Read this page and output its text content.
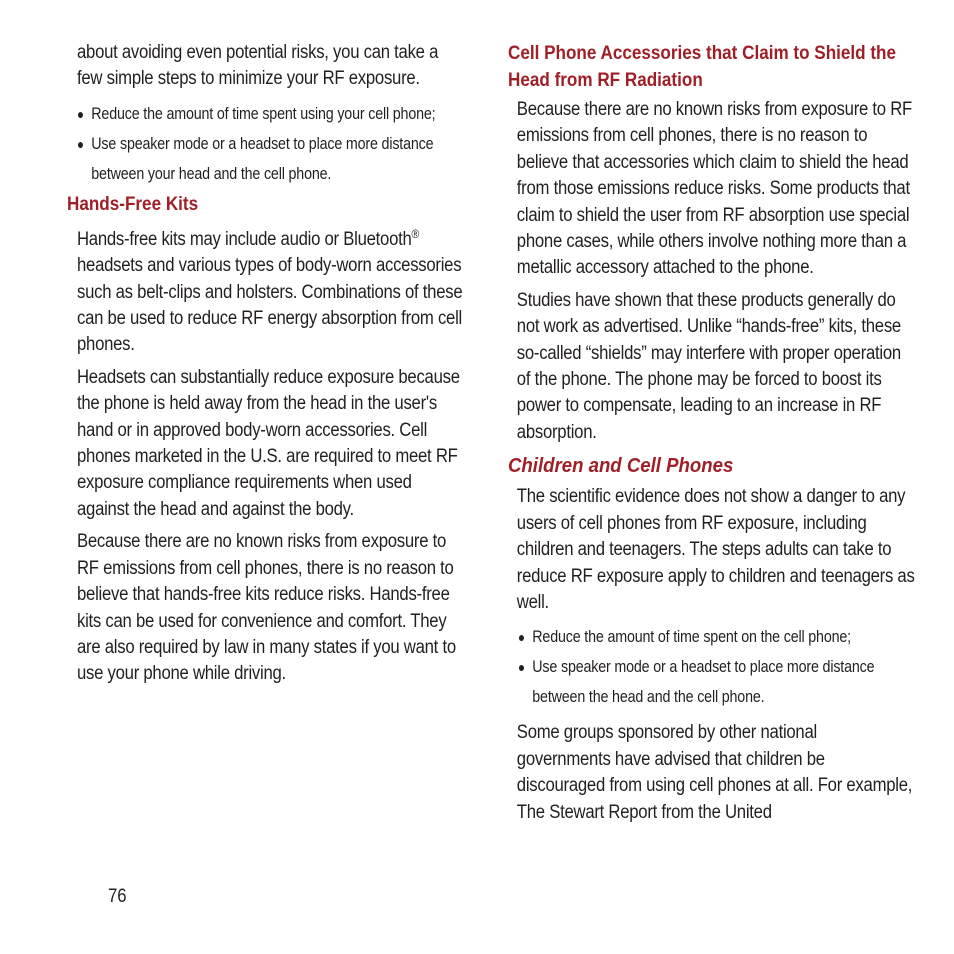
about avoiding even potential risks, you can take a few simple steps to minimize your RF exposure.

● Reduce the amount of time spent using your cell phone;
● Use speaker mode or a headset to place more distance between your head and the cell phone.
Hands-Free Kits

Hands-free kits may include audio or Bluetooth® headsets and various types of body-worn accessories such as belt-clips and holsters. Combinations of these can be used to reduce RF energy absorption from cell phones.

Headsets can substantially reduce exposure because the phone is held away from the head in the user's hand or in approved body-worn accessories. Cell phones marketed in the U.S. are required to meet RF exposure compliance requirements when used against the head and against the body.

Because there are no known risks from exposure to RF emissions from cell phones, there is no reason to believe that hands-free kits reduce risks. Hands-free kits can be used for convenience and comfort. They are also required by law in many states if you want to use your phone while driving.

Cell Phone Accessories that Claim to Shield the Head from RF Radiation

Because there are no known risks from exposure to RF emissions from cell phones, there is no reason to believe that accessories which claim to shield the head from those emissions reduce risks. Some products that claim to shield the user from RF absorption use special phone cases, while others involve nothing more than a metallic accessory attached to the phone.

Studies have shown that these products generally do not work as advertised. Unlike “hands-free” kits, these so-called “shields” may interfere with proper operation of the phone. The phone may be forced to boost its power to compensate, leading to an increase in RF absorption.

Children and Cell Phones

The scientific evidence does not show a danger to any users of cell phones from RF exposure, including children and teenagers. The steps adults can take to reduce RF exposure apply to children and teenagers as well.

● Reduce the amount of time spent on the cell phone;
● Use speaker mode or a headset to place more distance between the head and the cell phone.

Some groups sponsored by other national governments have advised that children be discouraged from using cell phones at all. For example, The Stewart Report from the United

76
